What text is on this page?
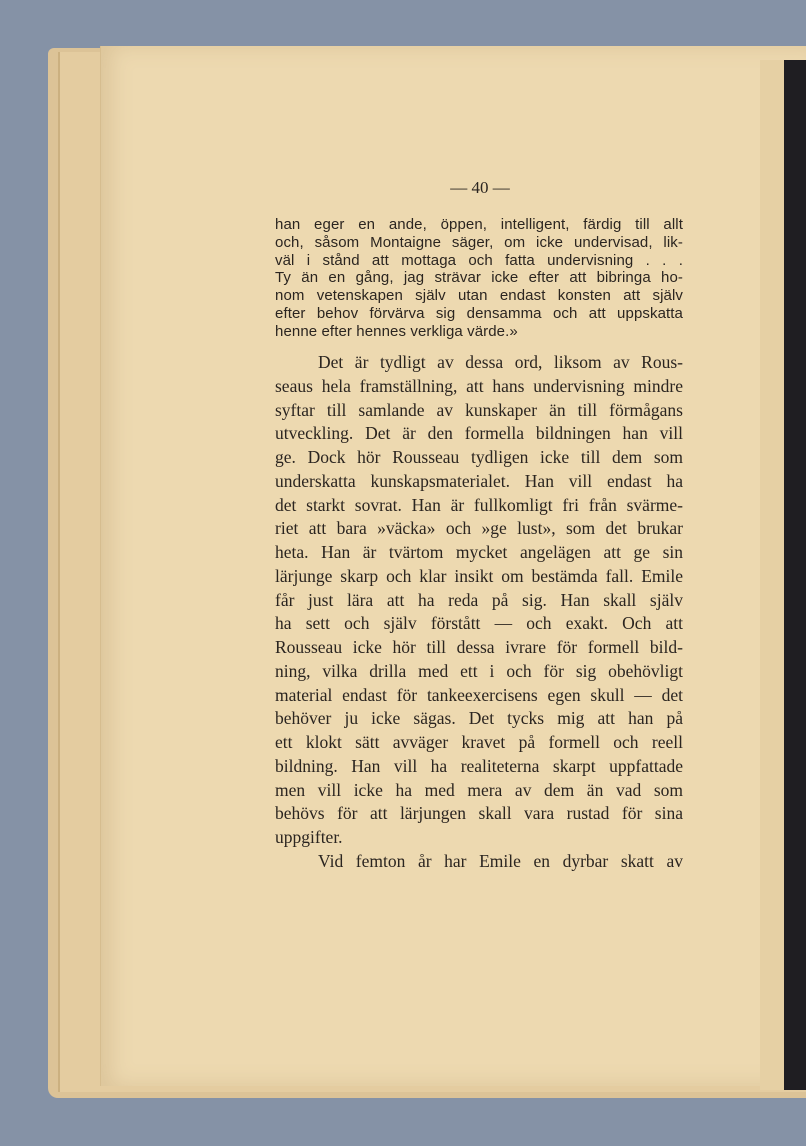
— 40 —
han eger en ande, öppen, intelligent, färdig till allt
och, såsom Montaigne säger, om icke undervisad, lik-
väl i stånd att mottaga och fatta undervisning . . .
Ty än en gång, jag strävar icke efter att bibringa ho-
nom vetenskapen själv utan endast konsten att själv
efter behov förvärva sig densamma och att uppskatta
henne efter hennes verkliga värde.»
Det är tydligt av dessa ord, liksom av Rous-
seaus hela framställning, att hans undervisning mindre
syftar till samlande av kunskaper än till förmågans
utveckling. Det är den formella bildningen han vill
ge. Dock hör Rousseau tydligen icke till dem som
underskatta kunskapsmaterialet. Han vill endast ha
det starkt sovrat. Han är fullkomligt fri från svärme-
riet att bara »väcka» och »ge lust», som det brukar
heta. Han är tvärtom mycket angelägen att ge sin
lärjunge skarp och klar insikt om bestämda fall. Emile
får just lära att ha reda på sig. Han skall själv
ha sett och själv förstått — och exakt. Och att
Rousseau icke hör till dessa ivrare för formell bild-
ning, vilka drilla med ett i och för sig obehövligt
material endast för tankeexercisens egen skull — det
behöver ju icke sägas. Det tycks mig att han på
ett klokt sätt avväger kravet på formell och reell
bildning. Han vill ha realiteterna skarpt uppfattade
men vill icke ha med mera av dem än vad som
behövs för att lärjungen skall vara rustad för sina
uppgifter.
Vid femton år har Emile en dyrbar skatt av
